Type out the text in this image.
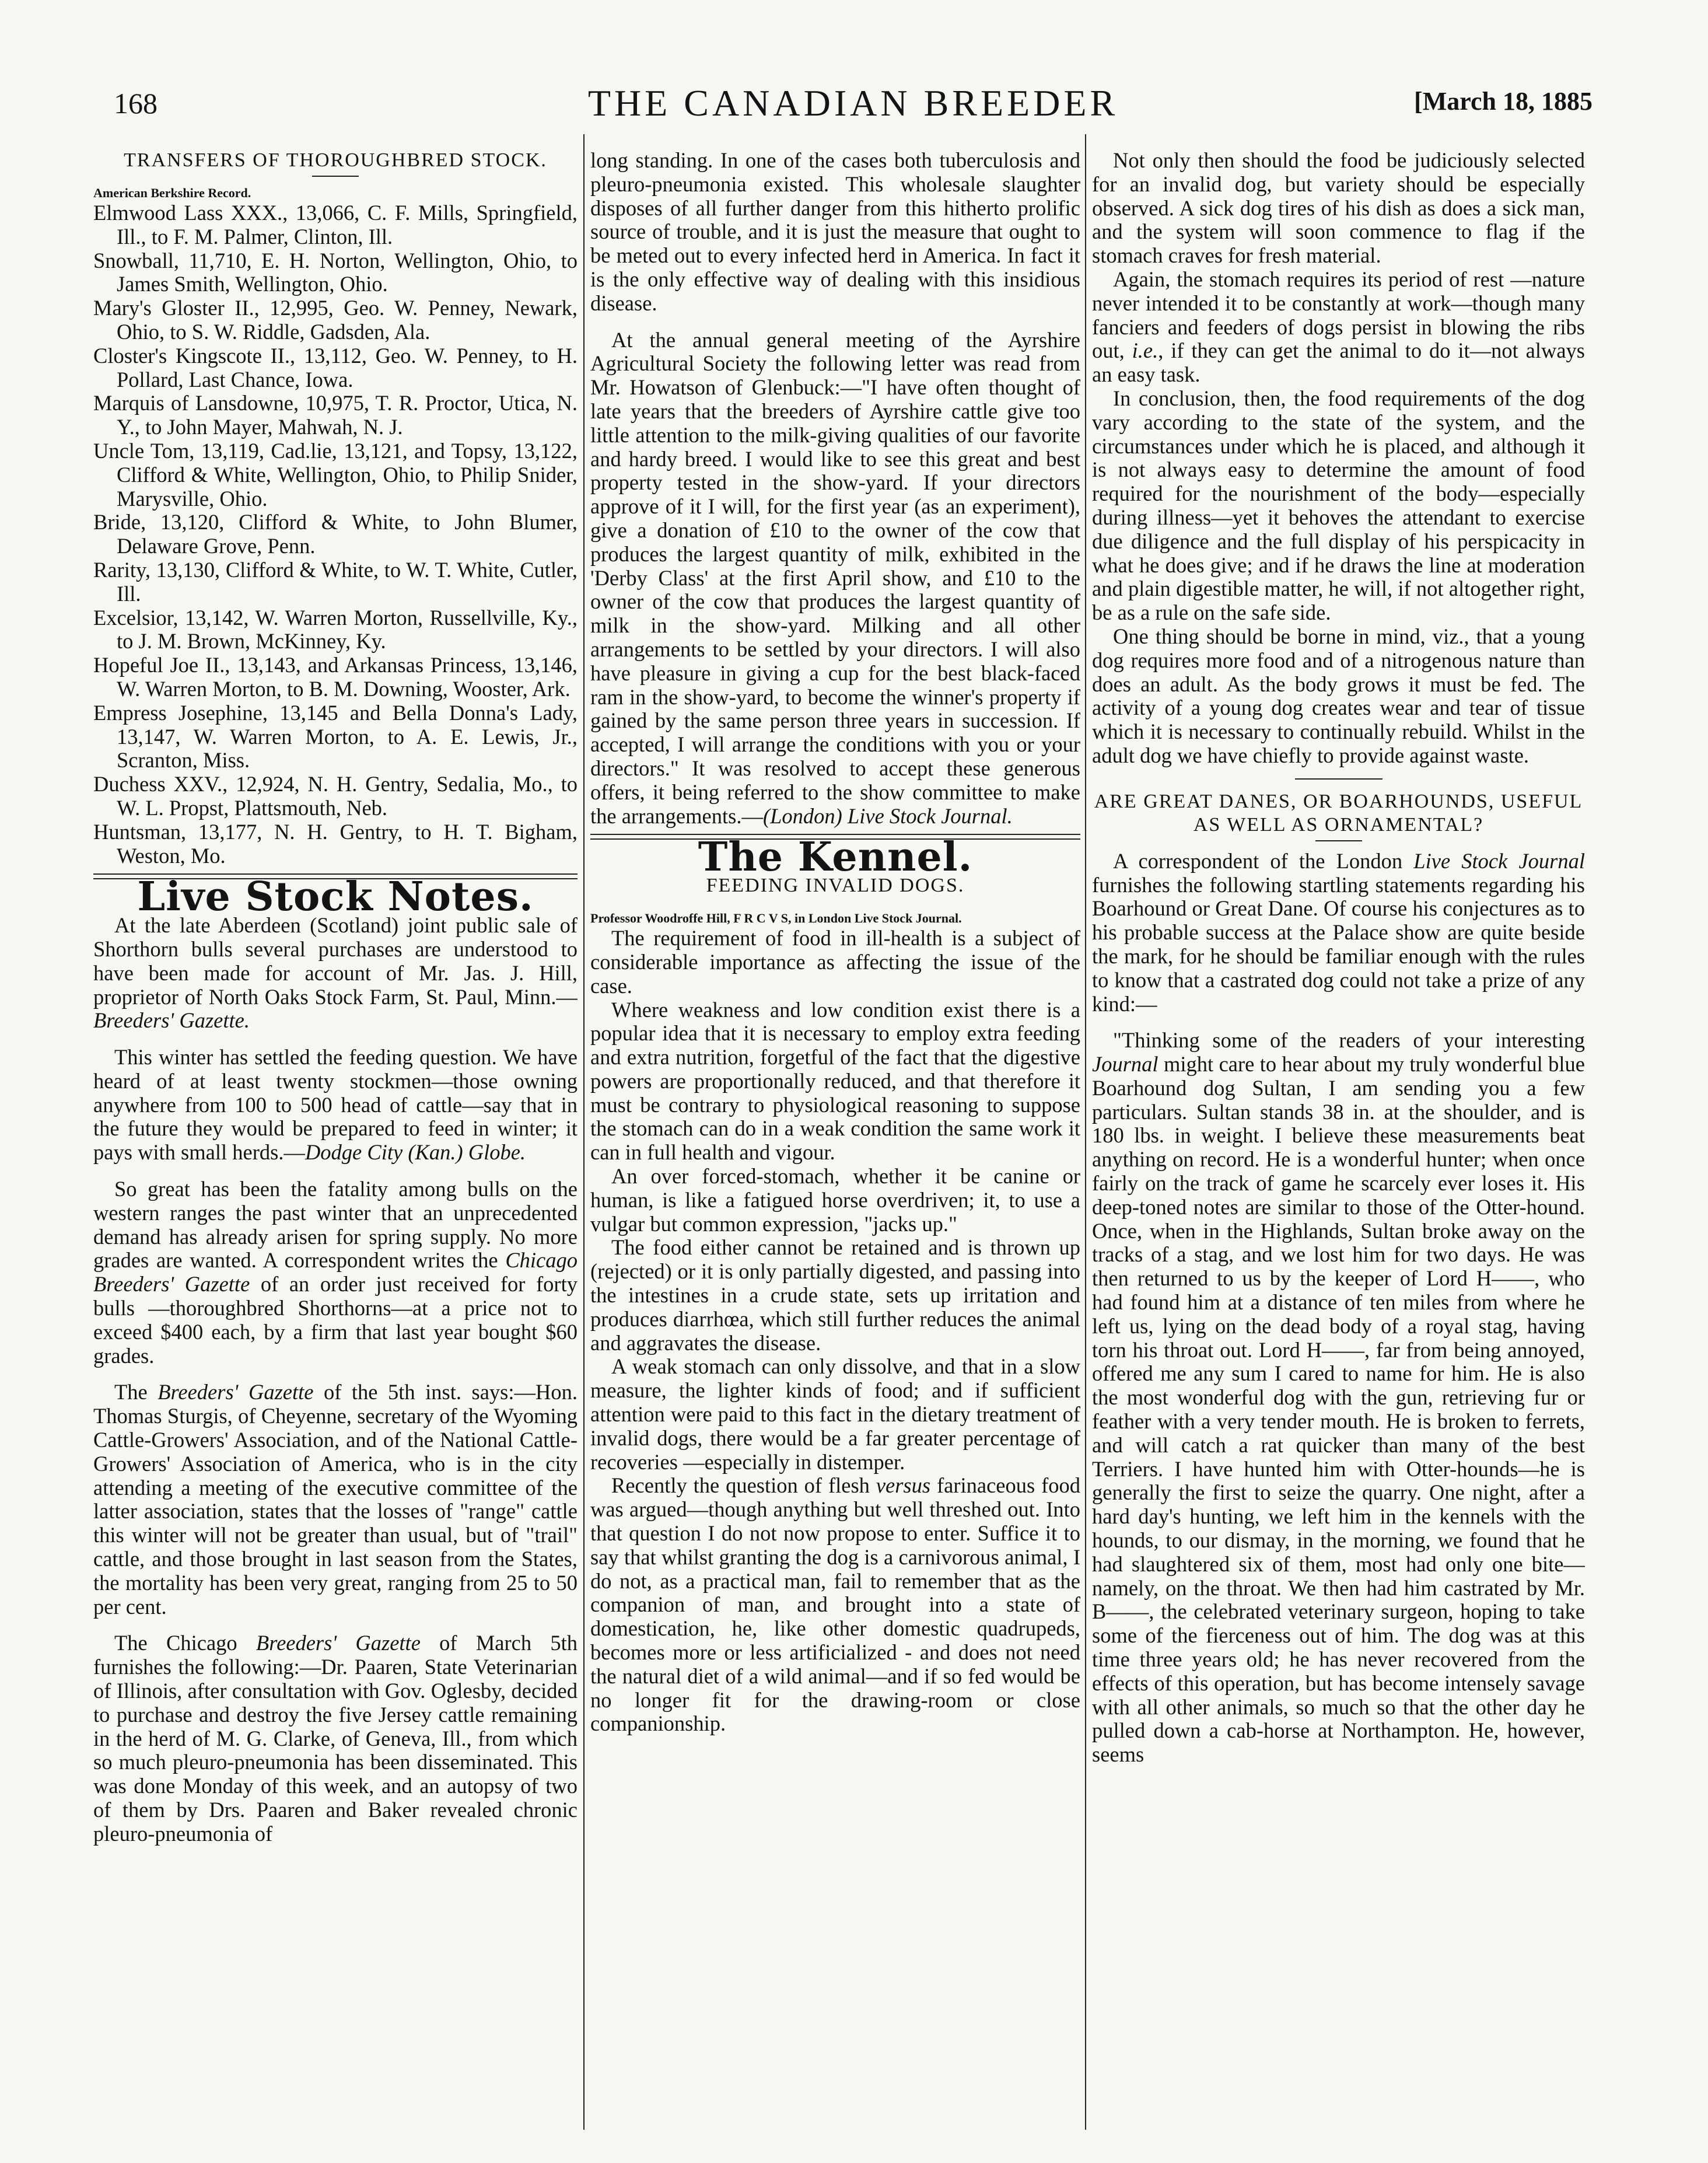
168	THE CANADIAN BREEDER	[March 18, 1885
TRANSFERS OF THOROUGHBRED STOCK.
American Berkshire Record.

Elmwood Lass XXX., 13,066, C. F. Mills, Springfield, Ill., to F. M. Palmer, Clinton, Ill.

Snowball, 11,710, E. H. Norton, Wellington, Ohio, to James Smith, Wellington, Ohio.

Mary's Gloster II., 12,995, Geo. W. Penney, Newark, Ohio, to S. W. Riddle, Gadsden, Ala.

Closter's Kingscote II., 13,112, Geo. W. Penney, to H. Pollard, Last Chance, Iowa.

Marquis of Lansdowne, 10,975, T. R. Proctor, Utica, N. Y., to John Mayer, Mahwah, N. J.

Uncle Tom, 13,119, Cad.lie, 13,121, and Topsy, 13,122, Clifford & White, Wellington, Ohio, to Philip Snider, Marysville, Ohio.

Bride, 13,120, Clifford & White, to John Blumer, Delaware Grove, Penn.

Rarity, 13,130, Clifford & White, to W. T. White, Cutler, Ill.

Excelsior, 13,142, W. Warren Morton, Russellville, Ky., to J. M. Brown, McKinney, Ky.

Hopeful Joe II., 13,143, and Arkansas Princess, 13,146, W. Warren Morton, to B. M. Downing, Wooster, Ark.

Empress Josephine, 13,145 and Bella Donna's Lady, 13,147, W. Warren Morton, to A. E. Lewis, Jr., Scranton, Miss.

Duchess XXV., 12,924, N. H. Gentry, Sedalia, Mo., to W. L. Propst, Plattsmouth, Neb.

Huntsman, 13,177, N. H. Gentry, to H. T. Bigham, Weston, Mo.

Live Stock Notes.

At the late Aberdeen (Scotland) joint public sale of Shorthorn bulls several purchases are understood to have been made for account of Mr. Jas. J. Hill, proprietor of North Oaks Stock Farm, St. Paul, Minn.—Breeders' Gazette.

This winter has settled the feeding question. We have heard of at least twenty stockmen—those owning anywhere from 100 to 500 head of cattle—say that in the future they would be prepared to feed in winter; it pays with small herds.—Dodge City (Kan.) Globe.

So great has been the fatality among bulls on the western ranges the past winter that an unprecedented demand has already arisen for spring supply. No more grades are wanted. A correspondent writes the Chicago Breeders' Gazette of an order just received for forty bulls —thoroughbred Shorthorns—at a price not to exceed $400 each, by a firm that last year bought $60 grades.

The Breeders' Gazette of the 5th inst. says:—Hon. Thomas Sturgis, of Cheyenne, secretary of the Wyoming Cattle-Growers' Association, and of the National Cattle-Growers' Association of America, who is in the city attending a meeting of the executive committee of the latter association, states that the losses of "range" cattle this winter will not be greater than usual, but of "trail" cattle, and those brought in last season from the States, the mortality has been very great, ranging from 25 to 50 per cent.

The Chicago Breeders' Gazette of March 5th furnishes the following:—Dr. Paaren, State Veterinarian of Illinois, after consultation with Gov. Oglesby, decided to purchase and destroy the five Jersey cattle remaining in the herd of M. G. Clarke, of Geneva, Ill., from which so much pleuro-pneumonia has been disseminated. This was done Monday of this week, and an autopsy of two of them by Drs. Paaren and Baker revealed chronic pleuro-pneumonia of

long standing. In one of the cases both tuberculosis and pleuro-pneumonia existed. This wholesale slaughter disposes of all further danger from this hitherto prolific source of trouble, and it is just the measure that ought to be meted out to every infected herd in America. In fact it is the only effective way of dealing with this insidious disease.

At the annual general meeting of the Ayrshire Agricultural Society the following letter was read from Mr. Howatson of Glenbuck:—"I have often thought of late years that the breeders of Ayrshire cattle give too little attention to the milk-giving qualities of our favorite and hardy breed. I would like to see this great and best property tested in the show-yard. If your directors approve of it I will, for the first year (as an experiment), give a donation of £10 to the owner of the cow that produces the largest quantity of milk, exhibited in the 'Derby Class' at the first April show, and £10 to the owner of the cow that produces the largest quantity of milk in the show-yard. Milking and all other arrangements to be settled by your directors. I will also have pleasure in giving a cup for the best black-faced ram in the show-yard, to become the winner's property if gained by the same person three years in succession. If accepted, I will arrange the conditions with you or your directors." It was resolved to accept these generous offers, it being referred to the show committee to make the arrangements.—(London) Live Stock Journal.

The Kennel.
FEEDING INVALID DOGS.
Professor Woodroffe Hill, F R C V S, in London Live Stock Journal.

The requirement of food in ill-health is a subject of considerable importance as affecting the issue of the case.

Where weakness and low condition exist there is a popular idea that it is necessary to employ extra feeding and extra nutrition, forgetful of the fact that the digestive powers are proportionally reduced, and that therefore it must be contrary to physiological reasoning to suppose the stomach can do in a weak condition the same work it can in full health and vigour.

An over forced-stomach, whether it be canine or human, is like a fatigued horse overdriven; it, to use a vulgar but common expression, "jacks up."

The food either cannot be retained and is thrown up (rejected) or it is only partially digested, and passing into the intestines in a crude state, sets up irritation and produces diarrhœa, which still further reduces the animal and aggravates the disease.

A weak stomach can only dissolve, and that in a slow measure, the lighter kinds of food; and if sufficient attention were paid to this fact in the dietary treatment of invalid dogs, there would be a far greater percentage of recoveries —especially in distemper.

Recently the question of flesh versus farinaceous food was argued—though anything but well threshed out. Into that question I do not now propose to enter. Suffice it to say that whilst granting the dog is a carnivorous animal, I do not, as a practical man, fail to remember that as the companion of man, and brought into a state of domestication, he, like other domestic quadrupeds, becomes more or less artificialized - and does not need the natural diet of a wild animal—and if so fed would be no longer fit for the drawing-room or close companionship.

Not only then should the food be judiciously selected for an invalid dog, but variety should be especially observed. A sick dog tires of his dish as does a sick man, and the system will soon commence to flag if the stomach craves for fresh material.

Again, the stomach requires its period of rest —nature never intended it to be constantly at work—though many fanciers and feeders of dogs persist in blowing the ribs out, i.e., if they can get the animal to do it—not always an easy task.

In conclusion, then, the food requirements of the dog vary according to the state of the system, and the circumstances under which he is placed, and although it is not always easy to determine the amount of food required for the nourishment of the body—especially during illness—yet it behoves the attendant to exercise due diligence and the full display of his perspicacity in what he does give; and if he draws the line at moderation and plain digestible matter, he will, if not altogether right, be as a rule on the safe side.

One thing should be borne in mind, viz., that a young dog requires more food and of a nitrogenous nature than does an adult. As the body grows it must be fed. The activity of a young dog creates wear and tear of tissue which it is necessary to continually rebuild. Whilst in the adult dog we have chiefly to provide against waste.

ARE GREAT DANES, OR BOARHOUNDS, USEFUL AS WELL AS ORNAMENTAL?

A correspondent of the London Live Stock Journal furnishes the following startling statements regarding his Boarhound or Great Dane. Of course his conjectures as to his probable success at the Palace show are quite beside the mark, for he should be familiar enough with the rules to know that a castrated dog could not take a prize of any kind:—

"Thinking some of the readers of your interesting Journal might care to hear about my truly wonderful blue Boarhound dog Sultan, I am sending you a few particulars. Sultan stands 38 in. at the shoulder, and is 180 lbs. in weight. I believe these measurements beat anything on record. He is a wonderful hunter; when once fairly on the track of game he scarcely ever loses it. His deep-toned notes are similar to those of the Otter-hound. Once, when in the Highlands, Sultan broke away on the tracks of a stag, and we lost him for two days. He was then returned to us by the keeper of Lord H——, who had found him at a distance of ten miles from where he left us, lying on the dead body of a royal stag, having torn his throat out. Lord H——, far from being annoyed, offered me any sum I cared to name for him. He is also the most wonderful dog with the gun, retrieving fur or feather with a very tender mouth. He is broken to ferrets, and will catch a rat quicker than many of the best Terriers. I have hunted him with Otter-hounds—he is generally the first to seize the quarry. One night, after a hard day's hunting, we left him in the kennels with the hounds, to our dismay, in the morning, we found that he had slaughtered six of them, most had only one bite—namely, on the throat. We then had him castrated by Mr. B——, the celebrated veterinary surgeon, hoping to take some of the fierceness out of him. The dog was at this time three years old; he has never recovered from the effects of this operation, but has become intensely savage with all other animals, so much so that the other day he pulled down a cab-horse at Northampton. He, however, seems
